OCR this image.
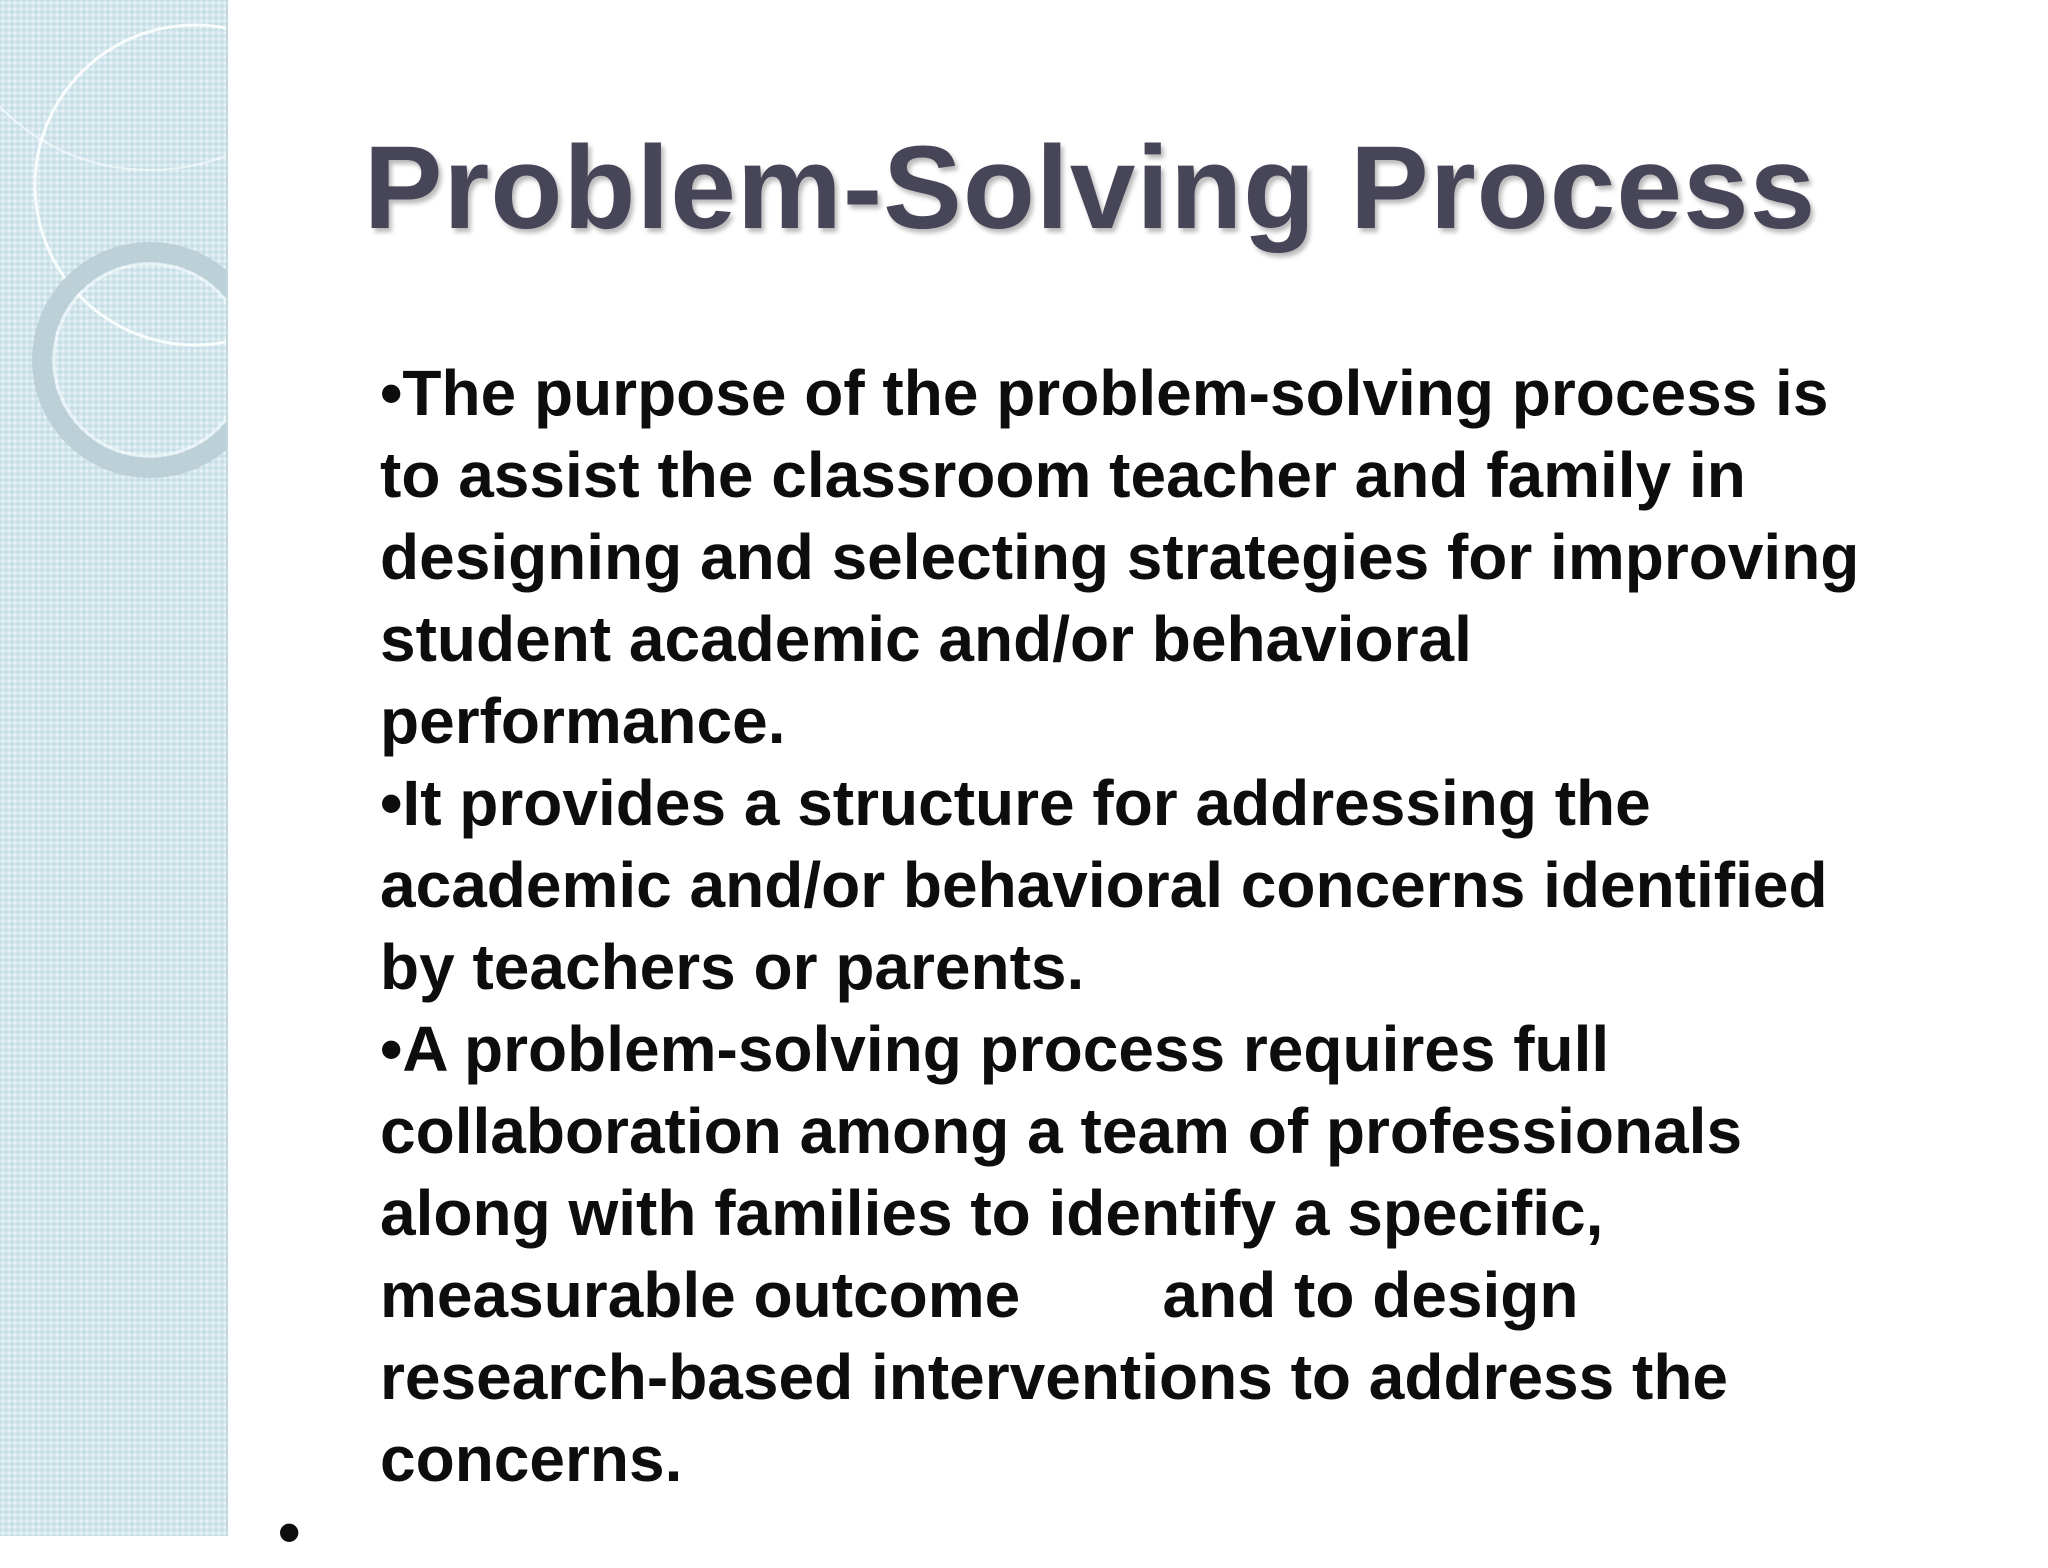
Problem-Solving Process

•The purpose of the problem-solving process is to assist the classroom teacher and family in designing and selecting strategies for improving student academic and/or behavioral performance.

•It provides a structure for addressing the academic and/or behavioral concerns identified by teachers or parents.

•A problem-solving process requires full collaboration among a team of professionals along with families to identify a specific, measurable outcome        and to design research-based interventions to address the concerns.

•
